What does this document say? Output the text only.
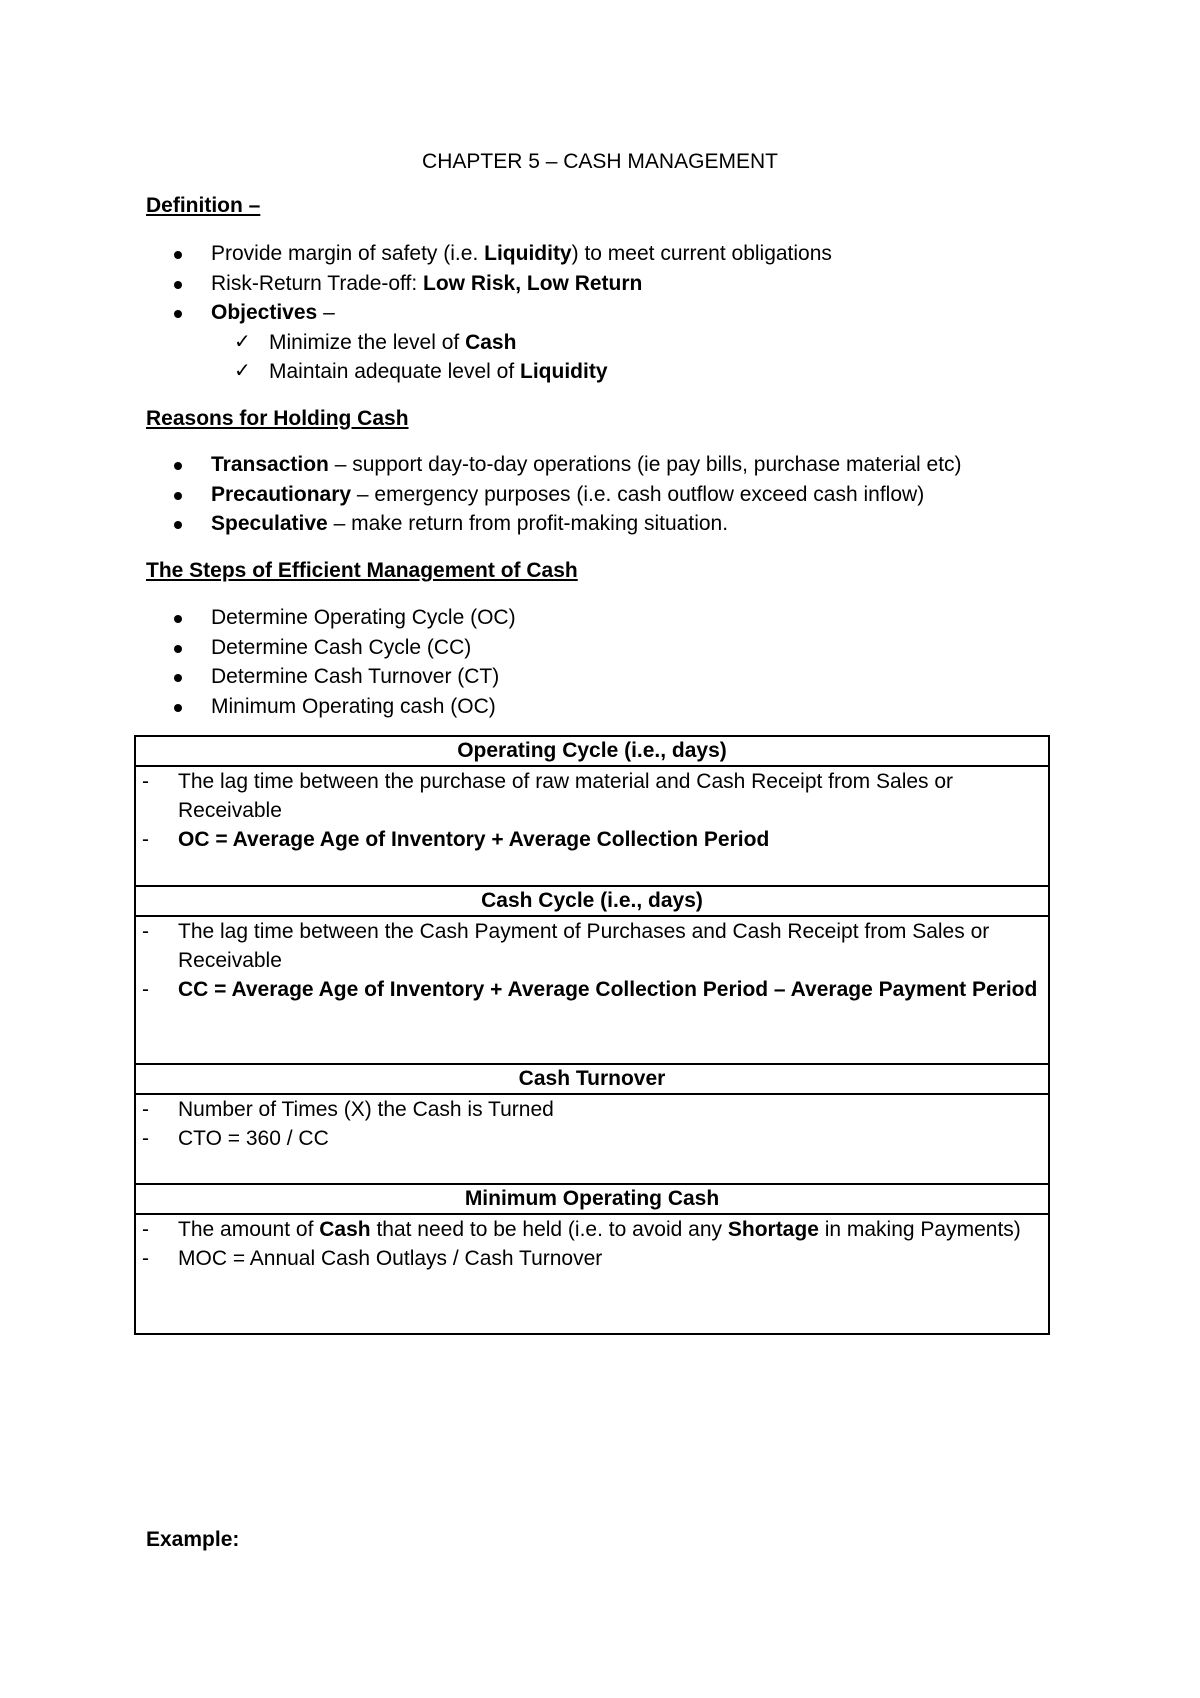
CHAPTER 5 – CASH MANAGEMENT
Definition –
Provide margin of safety (i.e. Liquidity) to meet current obligations
Risk-Return Trade-off: Low Risk, Low Return
Objectives –
✓ Minimize the level of Cash
✓ Maintain adequate level of Liquidity
Reasons for Holding Cash
Transaction – support day-to-day operations (ie pay bills, purchase material etc)
Precautionary – emergency purposes (i.e. cash outflow exceed cash inflow)
Speculative – make return from profit-making situation.
The Steps of Efficient Management of Cash
Determine Operating Cycle (OC)
Determine Cash Cycle (CC)
Determine Cash Turnover (CT)
Minimum Operating cash (OC)
Operating Cycle (i.e., days)

- The lag time between the purchase of raw material and Cash Receipt from Sales or Receivable

- OC = Average Age of Inventory + Average Collection Period

Cash Cycle (i.e., days)

- The lag time between the Cash Payment of Purchases and Cash Receipt from Sales or Receivable

- CC = Average Age of Inventory + Average Collection Period – Average Payment Period

Cash Turnover

- Number of Times (X) the Cash is Turned

- CTO = 360 / CC

Minimum Operating Cash

- The amount of Cash that need to be held (i.e. to avoid any Shortage in making Payments)

- MOC = Annual Cash Outlays / Cash Turnover

Example:
